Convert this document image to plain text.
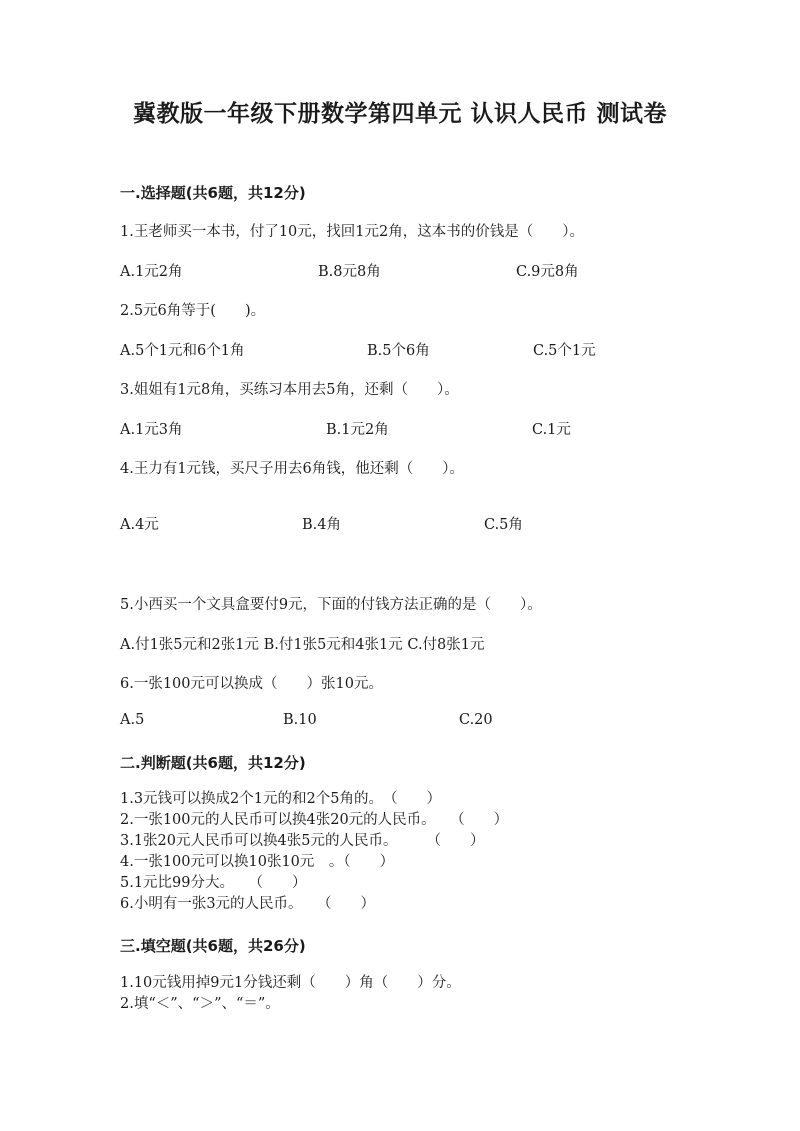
冀教版一年级下册数学第四单元 认识人民币 测试卷
一.选择题(共6题，共12分)
1.王老师买一本书，付了10元，找回1元2角，这本书的价钱是（　　）。
A.1元2角	B.8元8角	C.9元8角
2.5元6角等于(　　)。
A.5个1元和6个1角	B.5个6角	C.5个1元
3.姐姐有1元8角，买练习本用去5角，还剩（　　）。
A.1元3角	B.1元2角	C.1元
4.王力有1元钱，买尺子用去6角钱，他还剩（　　）。
A.4元	B.4角	C.5角
5.小西买一个文具盒要付9元，下面的付钱方法正确的是（　　）。
A.付1张5元和2张1元 B.付1张5元和4张1元 C.付8张1元
6.一张100元可以换成（　　）张10元。
A.5	B.10	C.20
二.判断题(共6题，共12分)
1.3元钱可以换成2个1元的和2个5角的。　（　　）
2.一张100元的人民币可以换4张20元的人民币。　　（　　）
3.1张20元人民币可以换4张5元的人民币。　　　（　　）
4.一张100元可以换10张10元　。（　　）
5.1元比99分大。　　（　　）
6.小明有一张3元的人民币。　　（　　）
三.填空题(共6题，共26分)
1.10元钱用掉9元1分钱还剩（　　）角（　　）分。
2.填“＜”、“＞”、“＝”。
